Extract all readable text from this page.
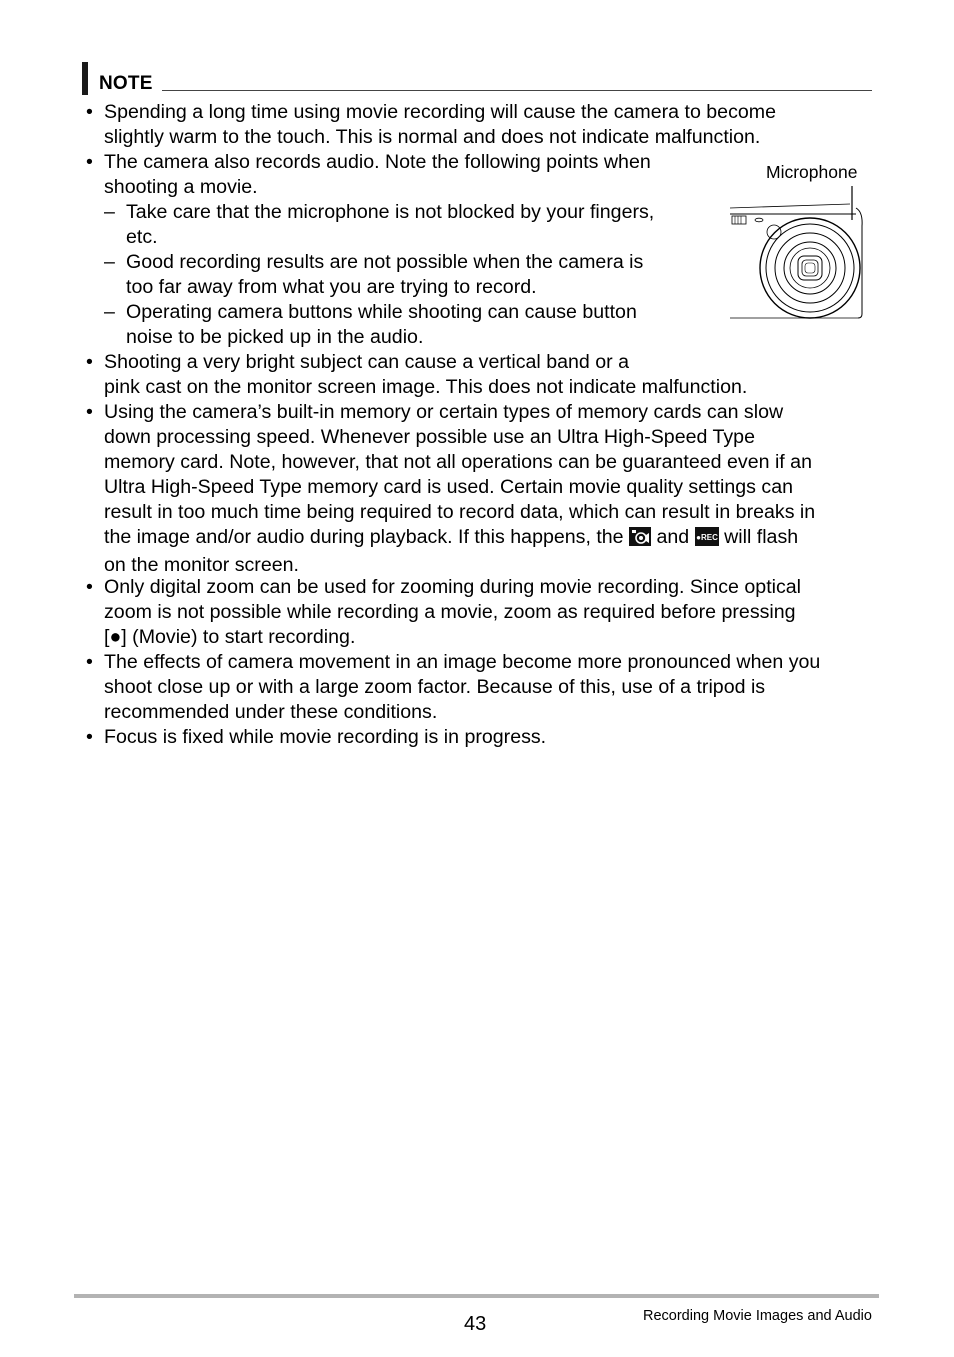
NOTE
• Spending a long time using movie recording will cause the camera to become
slightly warm to the touch. This is normal and does not indicate malfunction.
• The camera also records audio. Note the following points when
shooting a movie.
– Take care that the microphone is not blocked by your fingers,
etc.
– Good recording results are not possible when the camera is
too far away from what you are trying to record.
– Operating camera buttons while shooting can cause button
noise to be picked up in the audio.
• Shooting a very bright subject can cause a vertical band or a
pink cast on the monitor screen image. This does not indicate malfunction.
• Using the camera’s built-in memory or certain types of memory cards can slow
down processing speed. Whenever possible use an Ultra High-Speed Type
memory card. Note, however, that not all operations can be guaranteed even if an
Ultra High-Speed Type memory card is used. Certain movie quality settings can
result in too much time being required to record data, which can result in breaks in
the image and/or audio during playback. If this happens, the and ●REC will flash
on the monitor screen.
• Only digital zoom can be used for zooming during movie recording. Since optical
zoom is not possible while recording a movie, zoom as required before pressing
[●] (Movie) to start recording.
• The effects of camera movement in an image become more pronounced when you
shoot close up or with a large zoom factor. Because of this, use of a tripod is
recommended under these conditions.
• Focus is fixed while movie recording is in progress.
Microphone
43	Recording Movie Images and Audio
